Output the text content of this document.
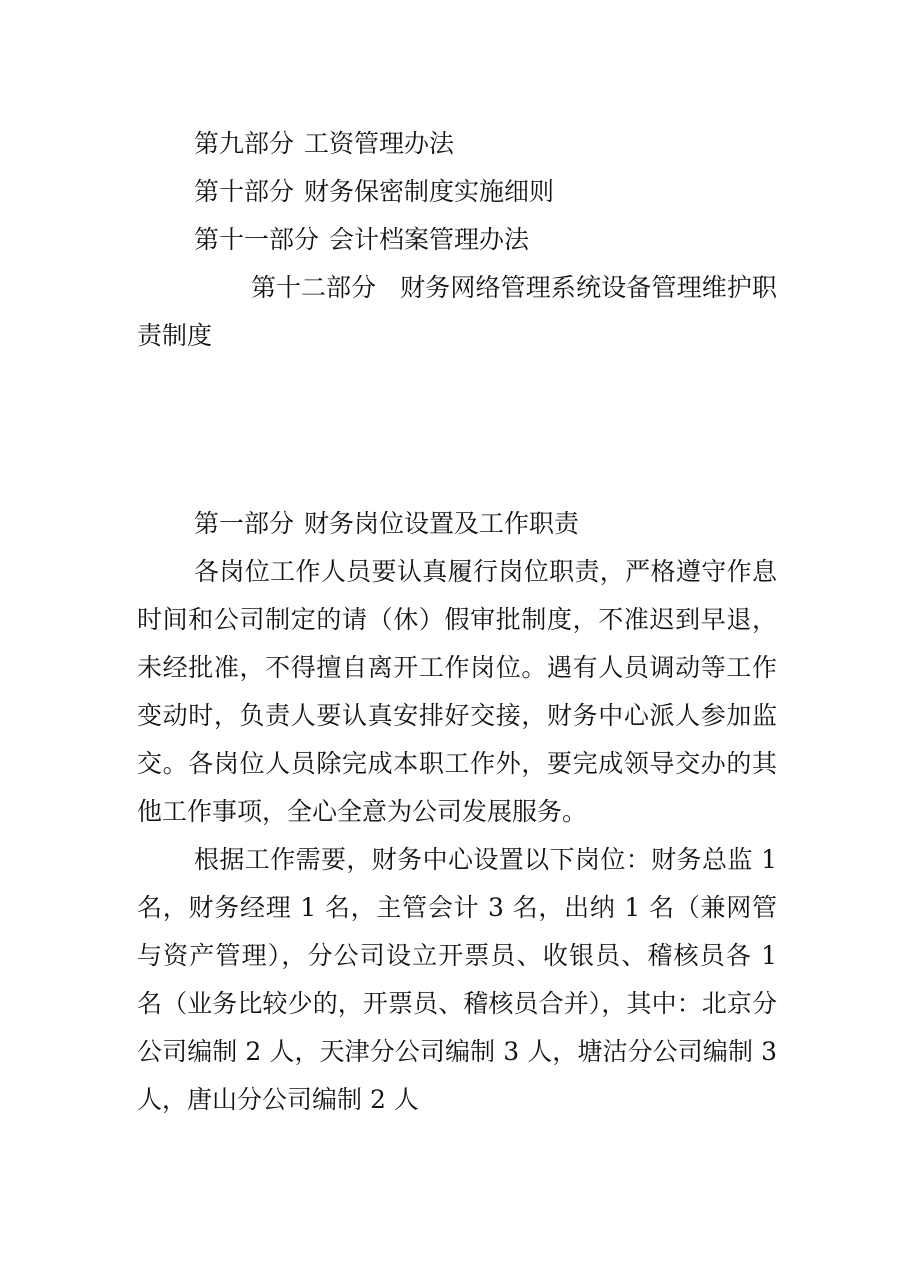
第九部分 工资管理办法
第十部分 财务保密制度实施细则
第十一部分 会计档案管理办法
第十二部分 财务网络管理系统设备管理维护职责制度
第一部分 财务岗位设置及工作职责

各岗位工作人员要认真履行岗位职责，严格遵守作息时间和公司制定的请（休）假审批制度，不准迟到早退，未经批准，不得擅自离开工作岗位。遇有人员调动等工作变动时，负责人要认真安排好交接，财务中心派人参加监交。各岗位人员除完成本职工作外，要完成领导交办的其他工作事项，全心全意为公司发展服务。

根据工作需要，财务中心设置以下岗位：财务总监 1 名，财务经理 1 名，主管会计 3 名，出纳 1 名（兼网管与资产管理），分公司设立开票员、收银员、稽核员各 1 名（业务比较少的，开票员、稽核员合并），其中：北京分公司编制 2 人，天津分公司编制 3 人，塘沽分公司编制 3 人，唐山分公司编制 2 人
